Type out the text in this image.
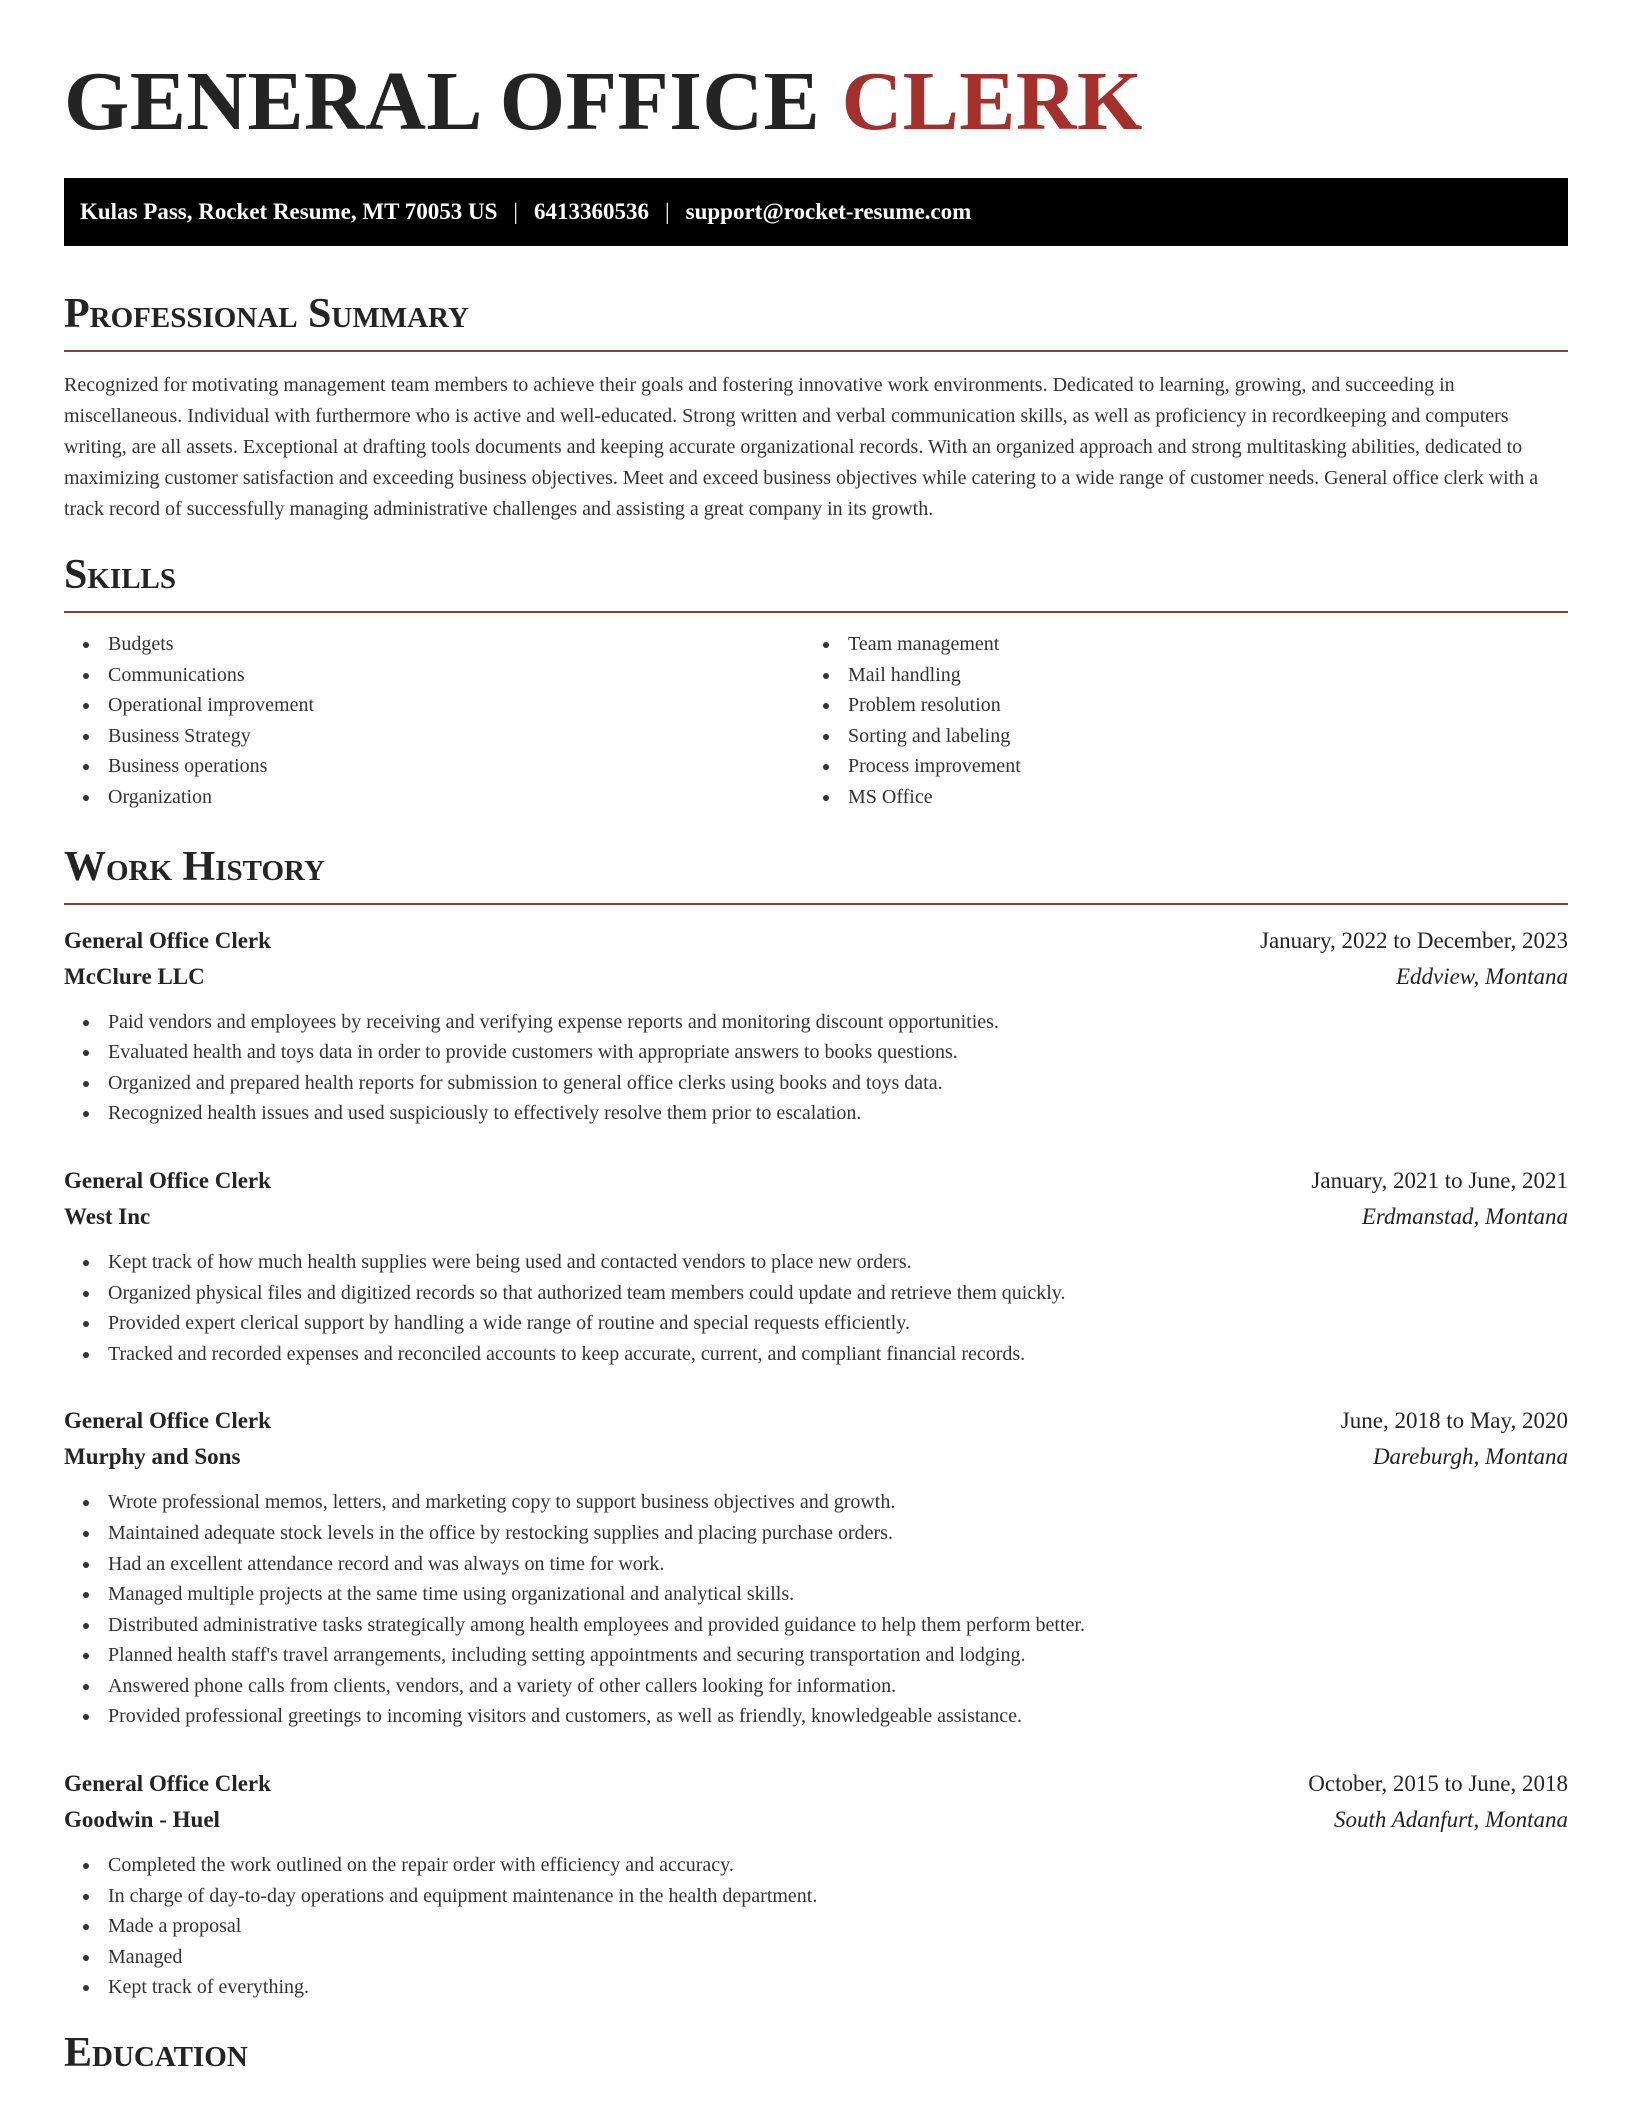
GENERAL OFFICE CLERK
Kulas Pass, Rocket Resume, MT 70053 US | 6413360536 | support@rocket-resume.com
Professional Summary

Recognized for motivating management team members to achieve their goals and fostering innovative work environments. Dedicated to learning, growing, and succeeding in miscellaneous. Individual with furthermore who is active and well-educated. Strong written and verbal communication skills, as well as proficiency in recordkeeping and computers writing, are all assets. Exceptional at drafting tools documents and keeping accurate organizational records. With an organized approach and strong multitasking abilities, dedicated to maximizing customer satisfaction and exceeding business objectives. Meet and exceed business objectives while catering to a wide range of customer needs. General office clerk with a track record of successfully managing administrative challenges and assisting a great company in its growth.

Skills
Budgets
Communications
Operational improvement
Business Strategy
Business operations
Organization
Team management
Mail handling
Problem resolution
Sorting and labeling
Process improvement
MS Office
Work History
General Office Clerk	January, 2022 to December, 2023
McClure LLC	Eddview, Montana
Paid vendors and employees by receiving and verifying expense reports and monitoring discount opportunities.
Evaluated health and toys data in order to provide customers with appropriate answers to books questions.
Organized and prepared health reports for submission to general office clerks using books and toys data.
Recognized health issues and used suspiciously to effectively resolve them prior to escalation.
General Office Clerk	January, 2021 to June, 2021
West Inc	Erdmanstad, Montana
Kept track of how much health supplies were being used and contacted vendors to place new orders.
Organized physical files and digitized records so that authorized team members could update and retrieve them quickly.
Provided expert clerical support by handling a wide range of routine and special requests efficiently.
Tracked and recorded expenses and reconciled accounts to keep accurate, current, and compliant financial records.
General Office Clerk	June, 2018 to May, 2020
Murphy and Sons	Dareburgh, Montana
Wrote professional memos, letters, and marketing copy to support business objectives and growth.
Maintained adequate stock levels in the office by restocking supplies and placing purchase orders.
Had an excellent attendance record and was always on time for work.
Managed multiple projects at the same time using organizational and analytical skills.
Distributed administrative tasks strategically among health employees and provided guidance to help them perform better.
Planned health staff's travel arrangements, including setting appointments and securing transportation and lodging.
Answered phone calls from clients, vendors, and a variety of other callers looking for information.
Provided professional greetings to incoming visitors and customers, as well as friendly, knowledgeable assistance.
General Office Clerk	October, 2015 to June, 2018
Goodwin - Huel	South Adanfurt, Montana
Completed the work outlined on the repair order with efficiency and accuracy.
In charge of day-to-day operations and equipment maintenance in the health department.
Made a proposal
Managed
Kept track of everything.
Education
